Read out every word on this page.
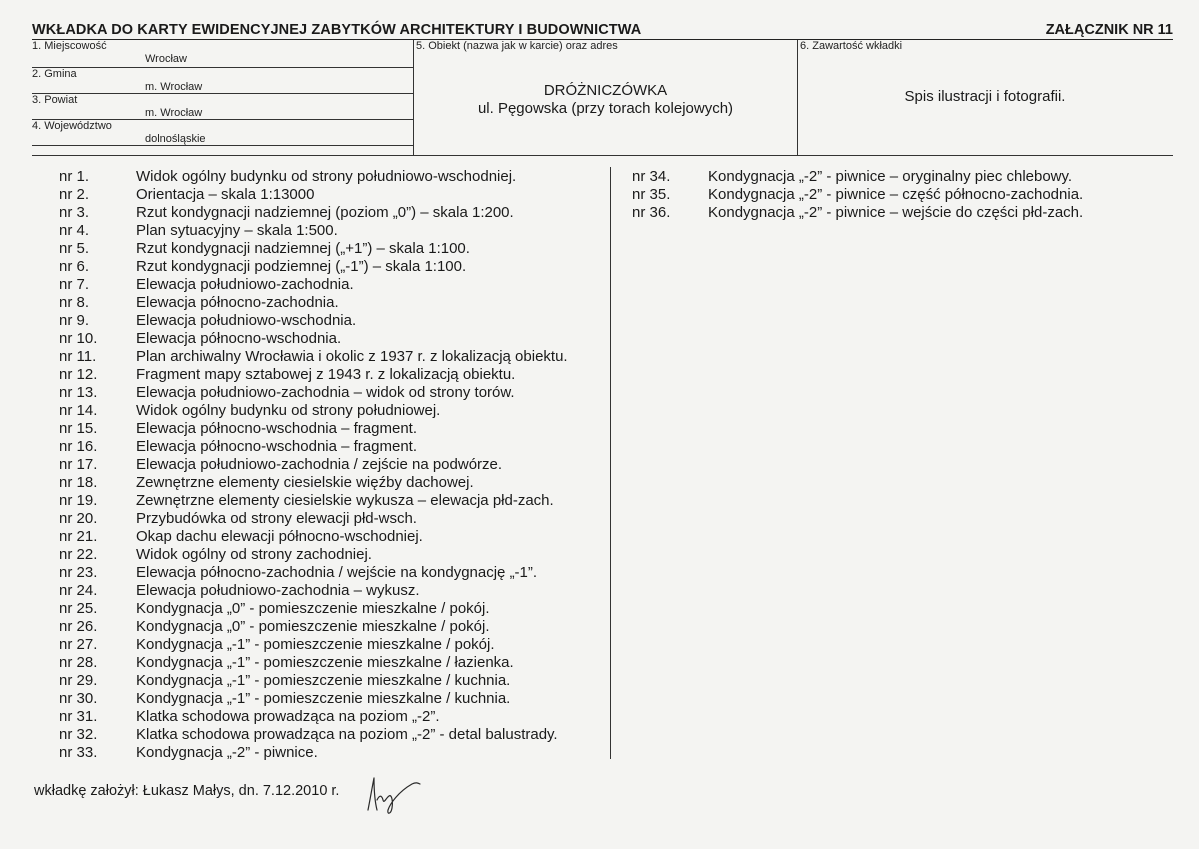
WKŁADKA DO KARTY EWIDENCYJNEJ ZABYTKÓW ARCHITEKTURY I BUDOWNICTWA	ZAŁĄCZNIK NR 11
1. Miejscowość
Wrocław
2. Gmina
m. Wrocław
3. Powiat
m. Wrocław
4. Województwo
dolnośląskie
5. Obiekt (nazwa jak w karcie) oraz adres
DRÓŻNICZÓWKA
ul. Pęgowska (przy torach kolejowych)
6. Zawartość wkładki
Spis ilustracji i fotografii.
nr 1.	Widok ogólny budynku od strony południowo-wschodniej.
nr 2.	Orientacja – skala 1:13000
nr 3.	Rzut kondygnacji nadziemnej (poziom „0”) – skala 1:200.
nr 4.	Plan sytuacyjny – skala 1:500.
nr 5.	Rzut kondygnacji nadziemnej („+1”) – skala 1:100.
nr 6.	Rzut kondygnacji podziemnej („-1”) – skala 1:100.
nr 7.	Elewacja południowo-zachodnia.
nr 8.	Elewacja północno-zachodnia.
nr 9.	Elewacja południowo-wschodnia.
nr 10.	Elewacja północno-wschodnia.
nr 11.	Plan archiwalny Wrocławia i okolic z 1937 r. z lokalizacją obiektu.
nr 12.	Fragment mapy sztabowej z 1943 r. z lokalizacją obiektu.
nr 13.	Elewacja południowo-zachodnia – widok od strony torów.
nr 14.	Widok ogólny budynku od strony południowej.
nr 15.	Elewacja północno-wschodnia – fragment.
nr 16.	Elewacja północno-wschodnia – fragment.
nr 17.	Elewacja południowo-zachodnia / zejście na podwórze.
nr 18.	Zewnętrzne elementy ciesielskie więźby dachowej.
nr 19.	Zewnętrzne elementy ciesielskie wykusza – elewacja płd-zach.
nr 20.	Przybudówka od strony elewacji płd-wsch.
nr 21.	Okap dachu elewacji północno-wschodniej.
nr 22.	Widok ogólny od strony zachodniej.
nr 23.	Elewacja północno-zachodnia / wejście na kondygnację „-1”.
nr 24.	Elewacja południowo-zachodnia – wykusz.
nr 25.	Kondygnacja „0” - pomieszczenie mieszkalne / pokój.
nr 26.	Kondygnacja „0” - pomieszczenie mieszkalne / pokój.
nr 27.	Kondygnacja „-1” - pomieszczenie mieszkalne / pokój.
nr 28.	Kondygnacja „-1” - pomieszczenie mieszkalne / łazienka.
nr 29.	Kondygnacja „-1” - pomieszczenie mieszkalne / kuchnia.
nr 30.	Kondygnacja „-1” - pomieszczenie mieszkalne / kuchnia.
nr 31.	Klatka schodowa prowadząca na poziom „-2”.
nr 32.	Klatka schodowa prowadząca na poziom „-2” - detal balustrady.
nr 33.	Kondygnacja „-2” - piwnice.
nr 34.	Kondygnacja „-2” - piwnice – oryginalny piec chlebowy.
nr 35.	Kondygnacja „-2” - piwnice – część północno-zachodnia.
nr 36.	Kondygnacja „-2” - piwnice – wejście do części płd-zach.
wkładkę założył: Łukasz Małys, dn. 7.12.2010 r.
